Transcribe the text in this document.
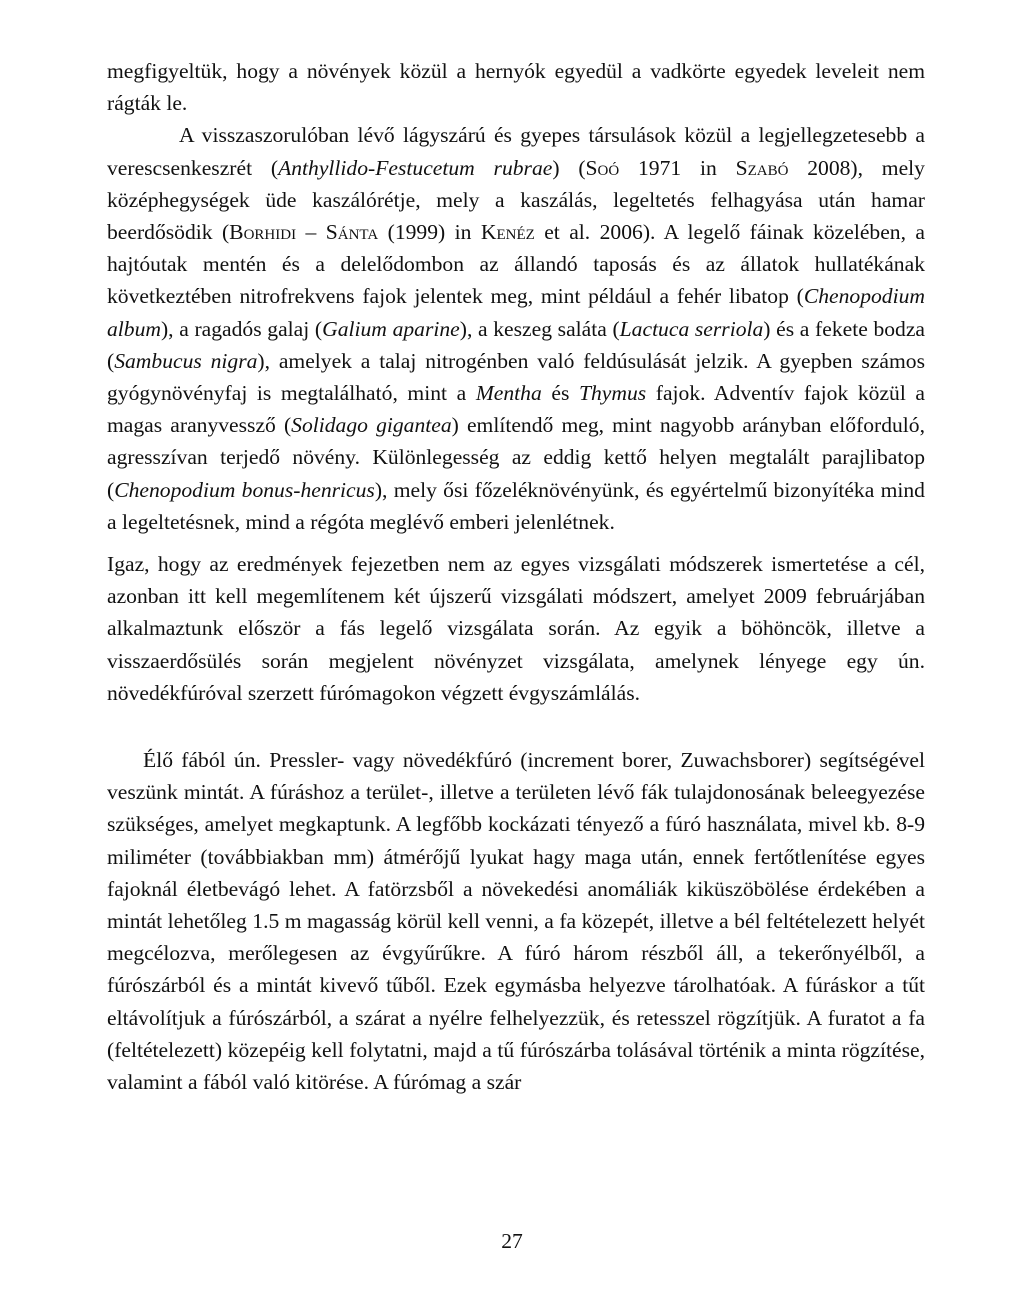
megfigyeltük, hogy a növények közül a hernyók egyedül a vadkörte egyedek leveleit nem rágták le.

A visszaszorulóban lévő lágyszárú és gyepes társulások közül a legjellegzetesebb a verescsenkeszrét (Anthyllido-Festucetum rubrae) (Soó 1971 in Szabó 2008), mely középhegységek üde kaszálórétje, mely a kaszálás, legeltetés felhagyása után hamar beerdősödik (Borhidi – Sánta (1999) in Kenéz et al. 2006). A legelő fáinak közelében, a hajtóutak mentén és a delelődombon az állandó taposás és az állatok hullatékának következtében nitrofrekvens fajok jelentek meg, mint például a fehér libatop (Chenopodium album), a ragadós galaj (Galium aparine), a keszeg saláta (Lactuca serriola) és a fekete bodza (Sambucus nigra), amelyek a talaj nitrogénben való feldúsulását jelzik. A gyepben számos gyógynövényfaj is megtalálható, mint a Mentha és Thymus fajok. Adventív fajok közül a magas aranyvessző (Solidago gigantea) említendő meg, mint nagyobb arányban előforduló, agresszívan terjedő növény. Különlegesség az eddig kettő helyen megtalált parajlibatop (Chenopodium bonus-henricus), mely ősi főzeléknövényünk, és egyértelmű bizonyítéka mind a legeltetésnek, mind a régóta meglévő emberi jelenlétnek.

Igaz, hogy az eredmények fejezetben nem az egyes vizsgálati módszerek ismertetése a cél, azonban itt kell megemlítenem két újszerű vizsgálati módszert, amelyet 2009 februárjában alkalmaztunk először a fás legelő vizsgálata során. Az egyik a böhöncök, illetve a visszaerdősülés során megjelent növényzet vizsgálata, amelynek lényege egy ún. növedékfúróval szerzett fúrómagokon végzett évgyszámlálás.

Élő fából ún. Pressler- vagy növedékfúró (increment borer, Zuwachsborer) segítségével veszünk mintát. A fúráshoz a terület-, illetve a területen lévő fák tulajdonosának beleegyezése szükséges, amelyet megkaptunk. A legfőbb kockázati tényező a fúró használata, mivel kb. 8-9 miliméter (továbbiakban mm) átmérőjű lyukat hagy maga után, ennek fertőtlenítése egyes fajoknál életbevágó lehet. A fatörzsből a növekedési anomáliák kiküszöbölése érdekében a mintát lehetőleg 1.5 m magasság körül kell venni, a fa közepét, illetve a bél feltételezett helyét megcélozva, merőlegesen az évgyűrűkre. A fúró három részből áll, a tekerőnyélből, a fúrószárból és a mintát kivevő tűből. Ezek egymásba helyezve tárolhatóak. A fúráskor a tűt eltávolítjuk a fúrószárból, a szárat a nyélre felhelyezzük, és retesszel rögzítjük. A furatot a fa (feltételezett) közepéig kell folytatni, majd a tű fúrószárba tolásával történik a minta rögzítése, valamint a fából való kitörése. A fúrómag a szár

27
